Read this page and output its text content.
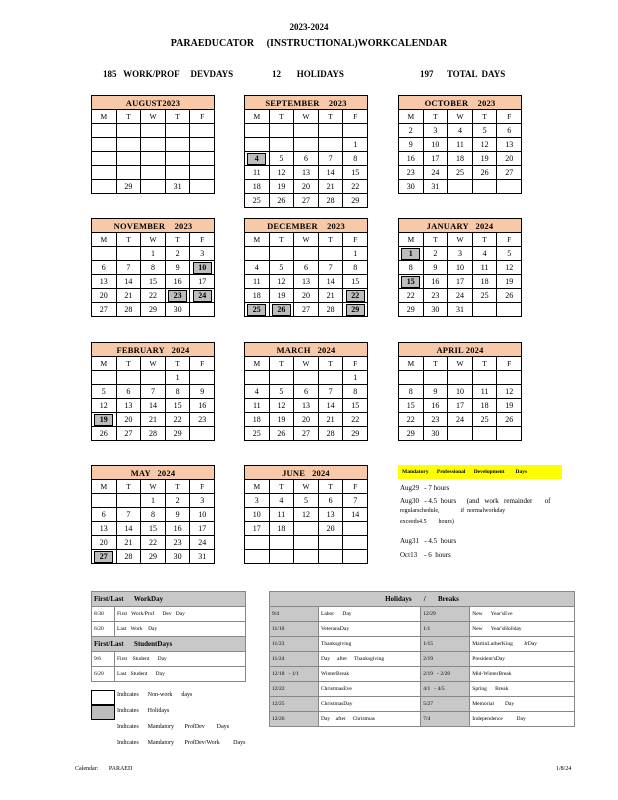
2023-2024
PARAEDUCATOR     (INSTRUCTIONAL)WORKCALENDAR
185   WORK/PROF     DEVDAYS	12       HOLIDAYS	197      TOTAL  DAYS
AUGUST2023				
M	T	W	T	F

	29		31	
SEPTEMBER    2023				
M	T	W	T	F

				1
4	5	6	7	8
11	12	13	14	15
18	19	20	21	22
25	26	27	28	29
OCTOBER    2023				
M	T	W	T	F
2	3	4	5	6
9	10	11	12	13
16	17	18	19	20
23	24	25	26	27
30	31			
NOVEMBER    2023				
M	T	W	T	F
		1	2	3
6	7	8	9	10
13	14	15	16	17
20	21	22	23	24
27	28	29	30	
DECEMBER    2023				
M	T	W	T	F
				1
4	5	6	7	8
11	12	13	14	15
18	19	20	21	22
25	26	27	28	29
JANUARY   2024				
M	T	W	T	F
1	2	3	4	5
8	9	10	11	12
15	16	17	18	19
22	23	24	25	26
29	30	31		
FEBRUARY   2024				
M	T	W	T	F
			1	
5	6	7	8	9
12	13	14	15	16
19	20	21	22	23
26	27	28	29	
MARCH   2024				
M	T	W	T	F
				1
4	5	6	7	8
11	12	13	14	15
18	19	20	21	22
25	26	27	28	29
APRIL 2024				
M	T	W	T	F

8	9	10	11	12
15	16	17	18	19
22	23	24	25	26
29	30			
MAY   2024				
M	T	W	T	F
		1	2	3
6	7	8	9	10
13	14	15	16	17
20	21	22	23	24
27	28	29	30	31
JUNE   2024				
M	T	W	T	F
3	4	5	6	7
10	11	12	13	14
17	18		20	

Mandatory      Professional      Development        Days
Aug29   - 7 hours
Aug30   - 4.5  hours      (and   work   remainder       of
regularschedule,              if  normalworkday
exceeds4.5        hours)
Aug31   - 4.5  hours
Oct13    - 6  hours
First/Last      WorkDay	
8/30	First   Work/Prof      Dev   Day
6/20	Last   Work    Day
First/Last      StudentDays	
9/6	First    Student      Day
6/20	Last   Student      Day
Holidays       /       Breaks			
9/4	Labor      Day	12/29	New      Year'sEve
11/10	VeteransDay	1/1	New      Year'sHoliday
11/23	Thanksgiving	1/15	MartinLutherKing        JrDay
11/24	Day     after     Thanksgiving	2/19	President'sDay
12/18   - 1/1	WinterBreak	2/19   - 2/20	Mid-WinterBreak
12/22	ChristmasEve	4/1   - 4/5	Spring      Break
12/25	ChristmasDay	5/27	Memorial        Day
12/26	Day    after     Christmas	7/4	Independence          Day
Indicates      Non-work      days
Indicates      Holidays
Indicates      Mandatory       ProfDev        Days
Indicates      Mandatory       ProfDev/Work         Days
Calendar:       PARAED	1/8/24
